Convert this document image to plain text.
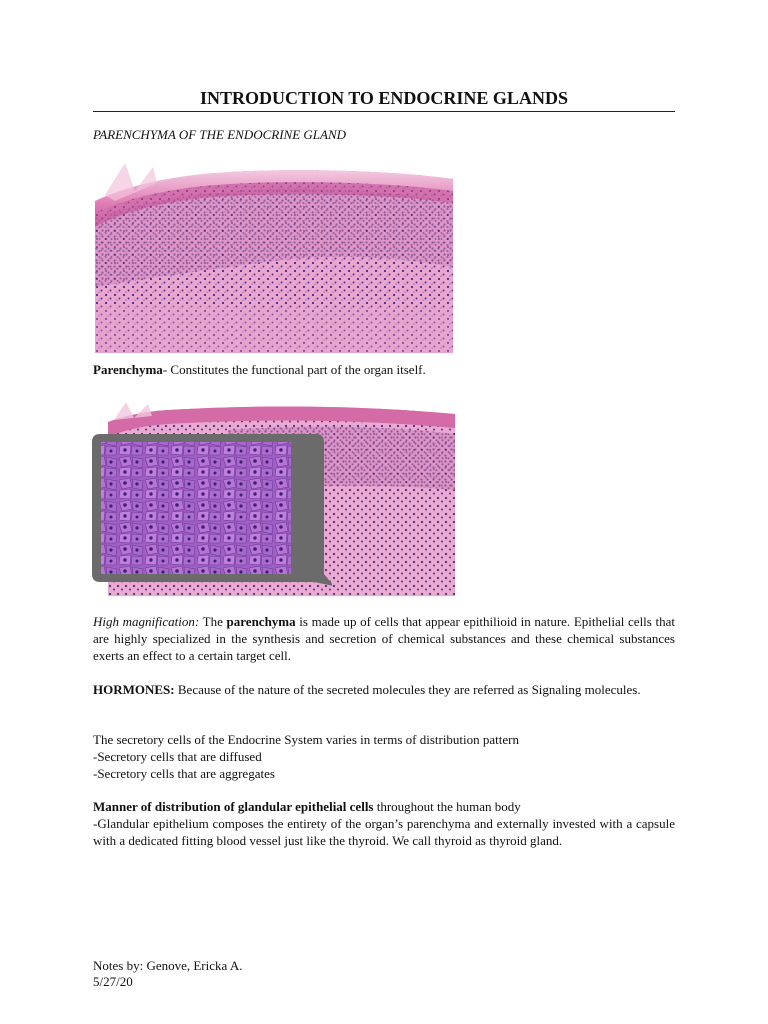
INTRODUCTION TO ENDOCRINE GLANDS
PARENCHYMA OF THE ENDOCRINE GLAND
Parenchyma- Constitutes the functional part of the organ itself.

High magnification: The parenchyma is made up of cells that appear epithilioid in nature. Epithelial cells that are highly specialized in the synthesis and secretion of chemical substances and these chemical substances exerts an effect to a certain target cell.

HORMONES: Because of the nature of the secreted molecules they are referred as Signaling molecules.

The secretory cells of the Endocrine System varies in terms of distribution pattern
-Secretory cells that are diffused
-Secretory cells that are aggregates

Manner of distribution of glandular epithelial cells throughout the human body
-Glandular epithelium composes the entirety of the organ’s parenchyma and externally invested with a capsule with a dedicated fitting blood vessel just like the thyroid. We call thyroid as thyroid gland.

Notes by: Genove, Ericka A.
5/27/20
